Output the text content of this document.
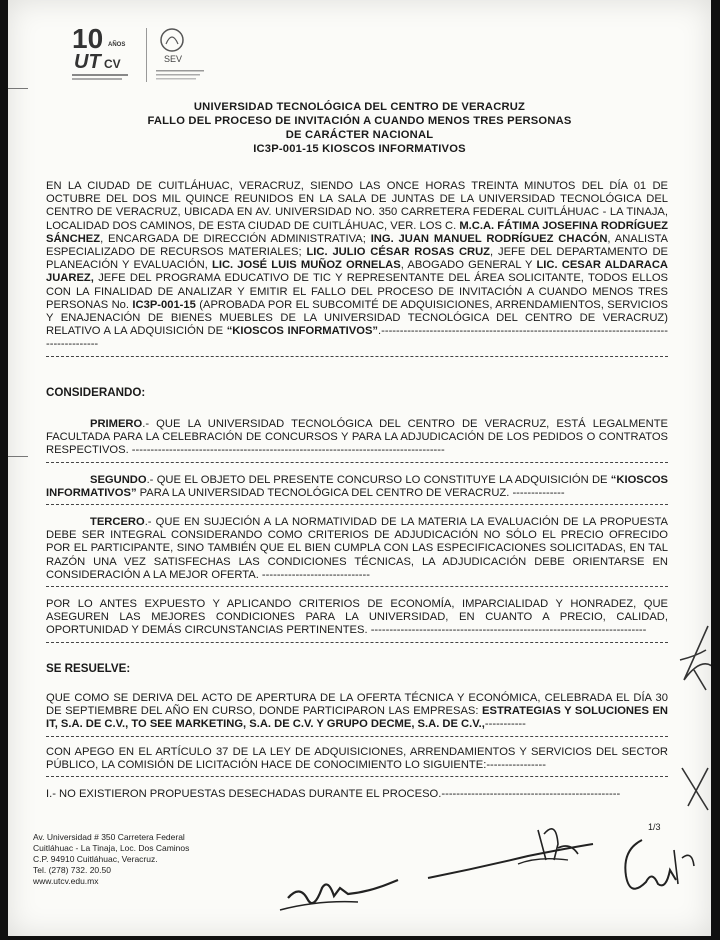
10 AÑOS
UT CV	SEV
UNIVERSIDAD TECNOLÓGICA DEL CENTRO DE VERACRUZ
FALLO DEL PROCESO DE INVITACIÓN A CUANDO MENOS TRES PERSONAS
DE CARÁCTER NACIONAL
IC3P-001-15 KIOSCOS INFORMATIVOS
EN LA CIUDAD DE CUITLÁHUAC, VERACRUZ, SIENDO LAS ONCE HORAS TREINTA MINUTOS DEL DÍA 01 DE OCTUBRE DEL DOS MIL QUINCE REUNIDOS EN LA SALA DE JUNTAS DE LA UNIVERSIDAD TECNOLÓGICA DEL CENTRO DE VERACRUZ, UBICADA EN AV. UNIVERSIDAD NO. 350 CARRETERA FEDERAL CUITLÁHUAC - LA TINAJA, LOCALIDAD DOS CAMINOS, DE ESTA CIUDAD DE CUITLÁHUAC, VER. LOS C. M.C.A. FÁTIMA JOSEFINA RODRÍGUEZ SÁNCHEZ, ENCARGADA DE DIRECCIÓN ADMINISTRATIVA; ING. JUAN MANUEL RODRÍGUEZ CHACÓN, ANALISTA ESPECIALIZADO DE RECURSOS MATERIALES; LIC. JULIO CÉSAR ROSAS CRUZ, JEFE DEL DEPARTAMENTO DE PLANEACIÓN Y EVALUACIÓN, LIC. JOSÉ LUIS MUÑOZ ORNELAS, ABOGADO GENERAL Y LIC. CESAR ALDARACA JUAREZ, JEFE DEL PROGRAMA EDUCATIVO DE TIC Y REPRESENTANTE DEL ÁREA SOLICITANTE, TODOS ELLOS CON LA FINALIDAD DE ANALIZAR Y EMITIR EL FALLO DEL PROCESO DE INVITACIÓN A CUANDO MENOS TRES PERSONAS No. IC3P-001-15 (APROBADA POR EL SUBCOMITÉ DE ADQUISICIONES, ARRENDAMIENTOS, SERVICIOS Y ENAJENACIÓN DE BIENES MUEBLES DE LA UNIVERSIDAD TECNOLÓGICA DEL CENTRO DE VERACRUZ) RELATIVO A LA ADQUISICIÓN DE “KIOSCOS INFORMATIVOS”.-------------------------------------------------------------------------------------------
CONSIDERANDO:
PRIMERO.- QUE LA UNIVERSIDAD TECNOLÓGICA DEL CENTRO DE VERACRUZ, ESTÁ LEGALMENTE FACULTADA PARA LA CELEBRACIÓN DE CONCURSOS Y PARA LA ADJUDICACIÓN DE LOS PEDIDOS O CONTRATOS RESPECTIVOS. ------------------------------------------------------------------------------------
SEGUNDO.- QUE EL OBJETO DEL PRESENTE CONCURSO LO CONSTITUYE LA ADQUISICIÓN DE “KIOSCOS INFORMATIVOS” PARA LA UNIVERSIDAD TECNOLÓGICA DEL CENTRO DE VERACRUZ. --------------
TERCERO.- QUE EN SUJECIÓN A LA NORMATIVIDAD DE LA MATERIA LA EVALUACIÓN DE LA PROPUESTA DEBE SER INTEGRAL CONSIDERANDO COMO CRITERIOS DE ADJUDICACIÓN NO SÓLO EL PRECIO OFRECIDO POR EL PARTICIPANTE, SINO TAMBIÉN QUE EL BIEN CUMPLA CON LAS ESPECIFICACIONES SOLICITADAS, EN TAL RAZÓN UNA VEZ SATISFECHAS LAS CONDICIONES TÉCNICAS, LA ADJUDICACIÓN DEBE ORIENTARSE EN CONSIDERACIÓN A LA MEJOR OFERTA. -----------------------------
POR LO ANTES EXPUESTO Y APLICANDO CRITERIOS DE ECONOMÍA, IMPARCIALIDAD Y HONRADEZ, QUE ASEGUREN LAS MEJORES CONDICIONES PARA LA UNIVERSIDAD, EN CUANTO A PRECIO, CALIDAD, OPORTUNIDAD Y DEMÁS CIRCUNSTANCIAS PERTINENTES. --------------------------------------------------------------------------
SE RESUELVE:
QUE COMO SE DERIVA DEL ACTO DE APERTURA DE LA OFERTA TÉCNICA Y ECONÓMICA, CELEBRADA EL DÍA 30 DE SEPTIEMBRE DEL AÑO EN CURSO, DONDE PARTICIPARON LAS EMPRESAS: ESTRATEGIAS Y SOLUCIONES EN IT, S.A. DE C.V., TO SEE MARKETING, S.A. DE C.V. Y GRUPO DECME, S.A. DE C.V.,-----------
CON APEGO EN EL ARTÍCULO 37 DE LA LEY DE ADQUISICIONES, ARRENDAMIENTOS Y SERVICIOS DEL SECTOR PÚBLICO, LA COMISIÓN DE LICITACIÓN HACE DE CONOCIMIENTO LO SIGUIENTE:----------------
I.- NO EXISTIERON PROPUESTAS DESECHADAS DURANTE EL PROCESO.------------------------------------------------
Av. Universidad # 350 Carretera Federal
Cuitláhuac - La Tinaja, Loc. Dos Caminos
C.P. 94910 Cuitláhuac, Veracruz.
Tel. (278) 732. 20.50
www.utcv.edu.mx
1/3
